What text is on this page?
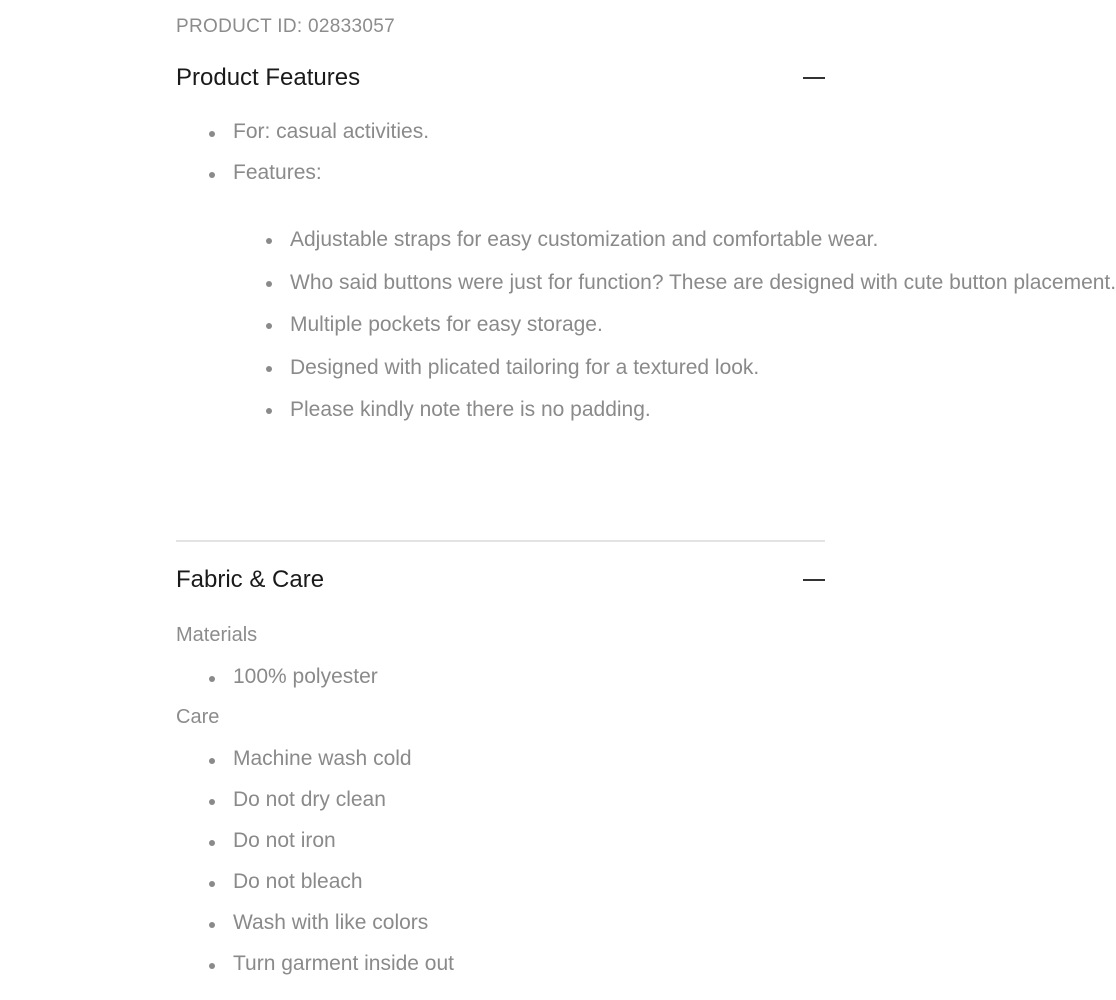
PRODUCT ID: 02833057
Product Features
For: casual activities.
Features:
Adjustable straps for easy customization and comfortable wear.
Who said buttons were just for function? These are designed with cute button placement.
Multiple pockets for easy storage.
Designed with plicated tailoring for a textured look.
Please kindly note there is no padding.
Fabric & Care
Materials
100% polyester
Care
Machine wash cold
Do not dry clean
Do not iron
Do not bleach
Wash with like colors
Turn garment inside out
